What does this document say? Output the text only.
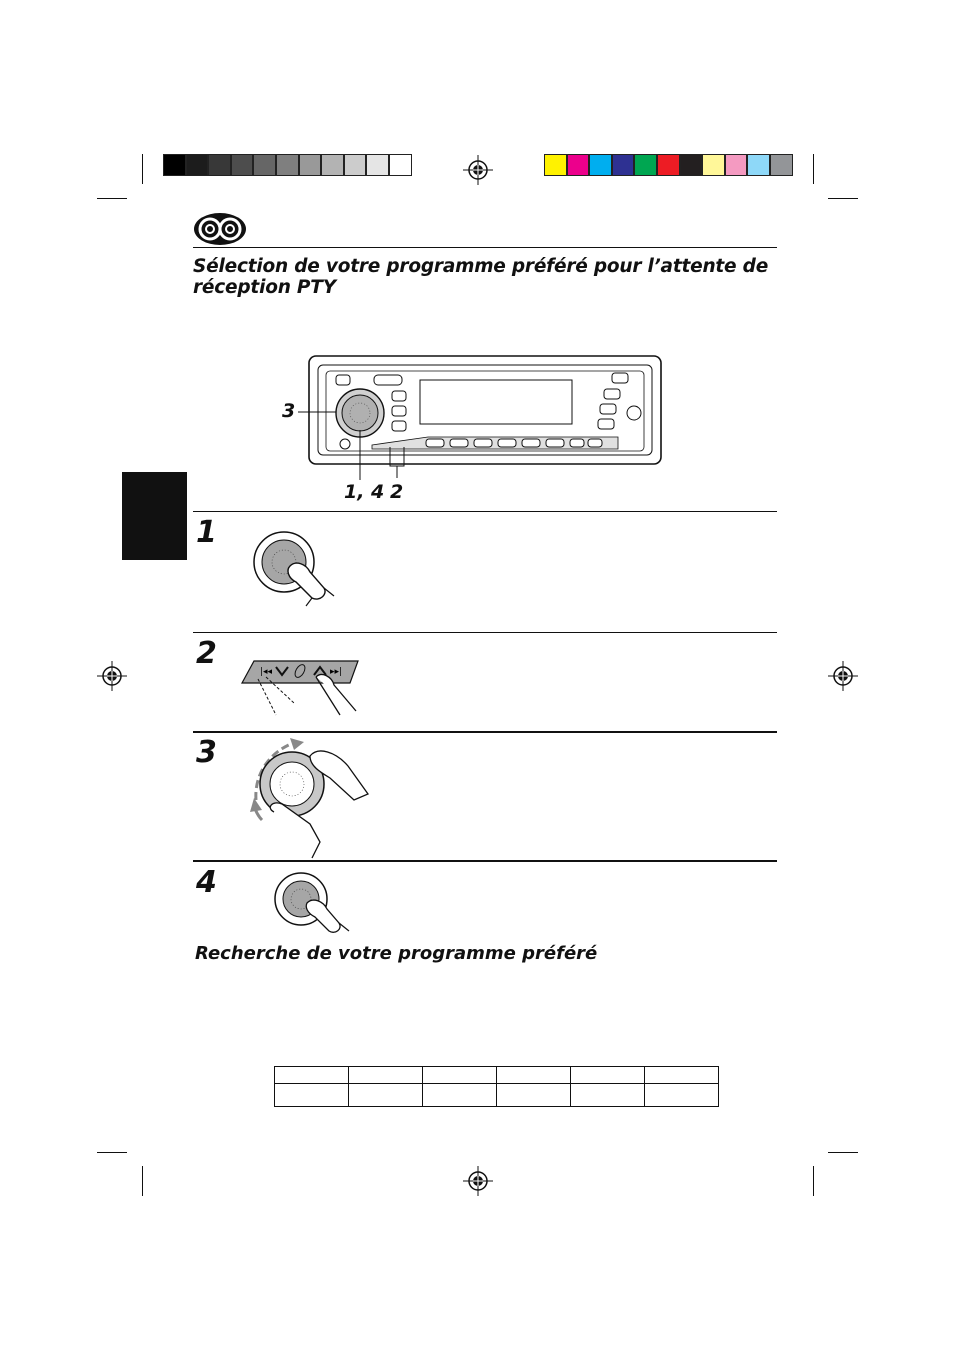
Sélection de votre programme préféré pour l’attente de réception PTY
3
1, 4 2
1
2
3
4
|◂◂	▸▸|
Recherche de votre programme préféré
